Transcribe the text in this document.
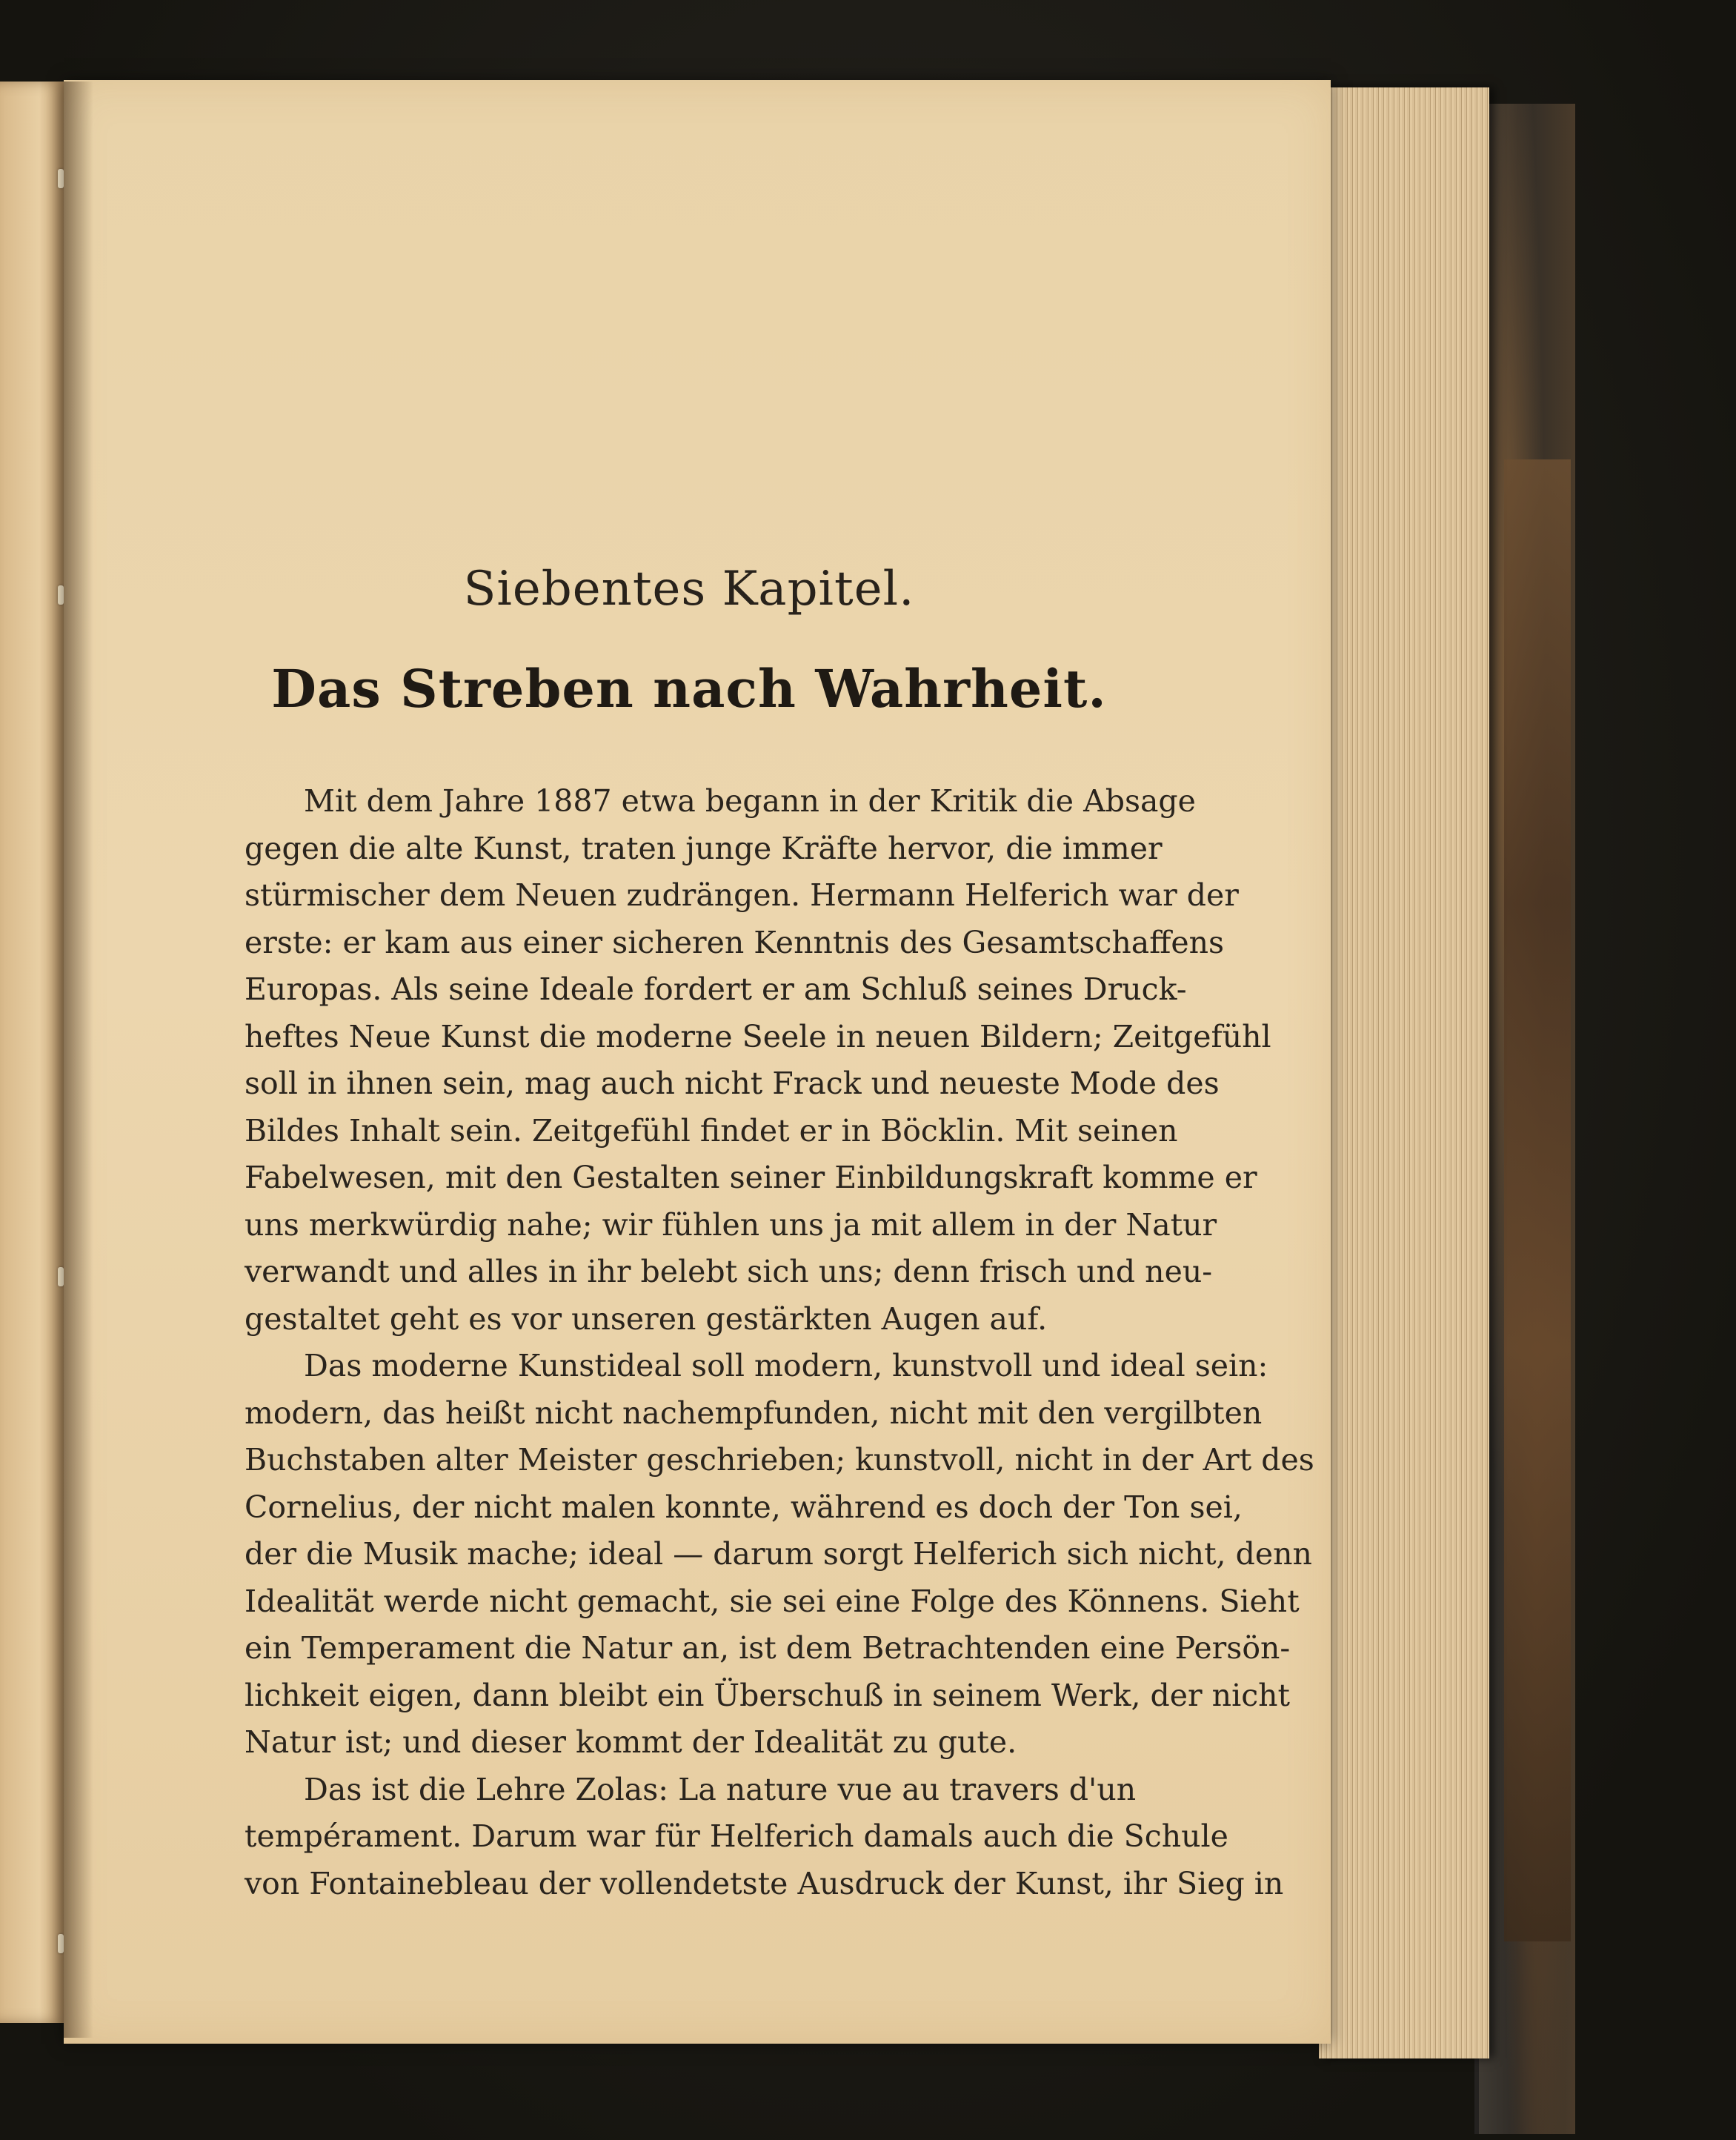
Siebentes Kapitel.
Das Streben nach Wahrheit.

Mit dem Jahre 1887 etwa begann in der Kritik die Absage
gegen die alte Kunst, traten junge Kräfte hervor, die immer
stürmischer dem Neuen zudrängen. Hermann Helferich war der
erste: er kam aus einer sicheren Kenntnis des Gesamtschaffens
Europas. Als seine Ideale fordert er am Schluß seines Druck-
heftes Neue Kunst die moderne Seele in neuen Bildern; Zeitgefühl
soll in ihnen sein, mag auch nicht Frack und neueste Mode des
Bildes Inhalt sein. Zeitgefühl findet er in Böcklin. Mit seinen
Fabelwesen, mit den Gestalten seiner Einbildungskraft komme er
uns merkwürdig nahe; wir fühlen uns ja mit allem in der Natur
verwandt und alles in ihr belebt sich uns; denn frisch und neu-
gestaltet geht es vor unseren gestärkten Augen auf.

Das moderne Kunstideal soll modern, kunstvoll und ideal sein:
modern, das heißt nicht nachempfunden, nicht mit den vergilbten
Buchstaben alter Meister geschrieben; kunstvoll, nicht in der Art des
Cornelius, der nicht malen konnte, während es doch der Ton sei,
der die Musik mache; ideal — darum sorgt Helferich sich nicht, denn
Idealität werde nicht gemacht, sie sei eine Folge des Könnens. Sieht
ein Temperament die Natur an, ist dem Betrachtenden eine Persön-
lichkeit eigen, dann bleibt ein Überschuß in seinem Werk, der nicht
Natur ist; und dieser kommt der Idealität zu gute.

Das ist die Lehre Zolas: La nature vue au travers d'un
tempérament. Darum war für Helferich damals auch die Schule
von Fontainebleau der vollendetste Ausdruck der Kunst, ihr Sieg in
